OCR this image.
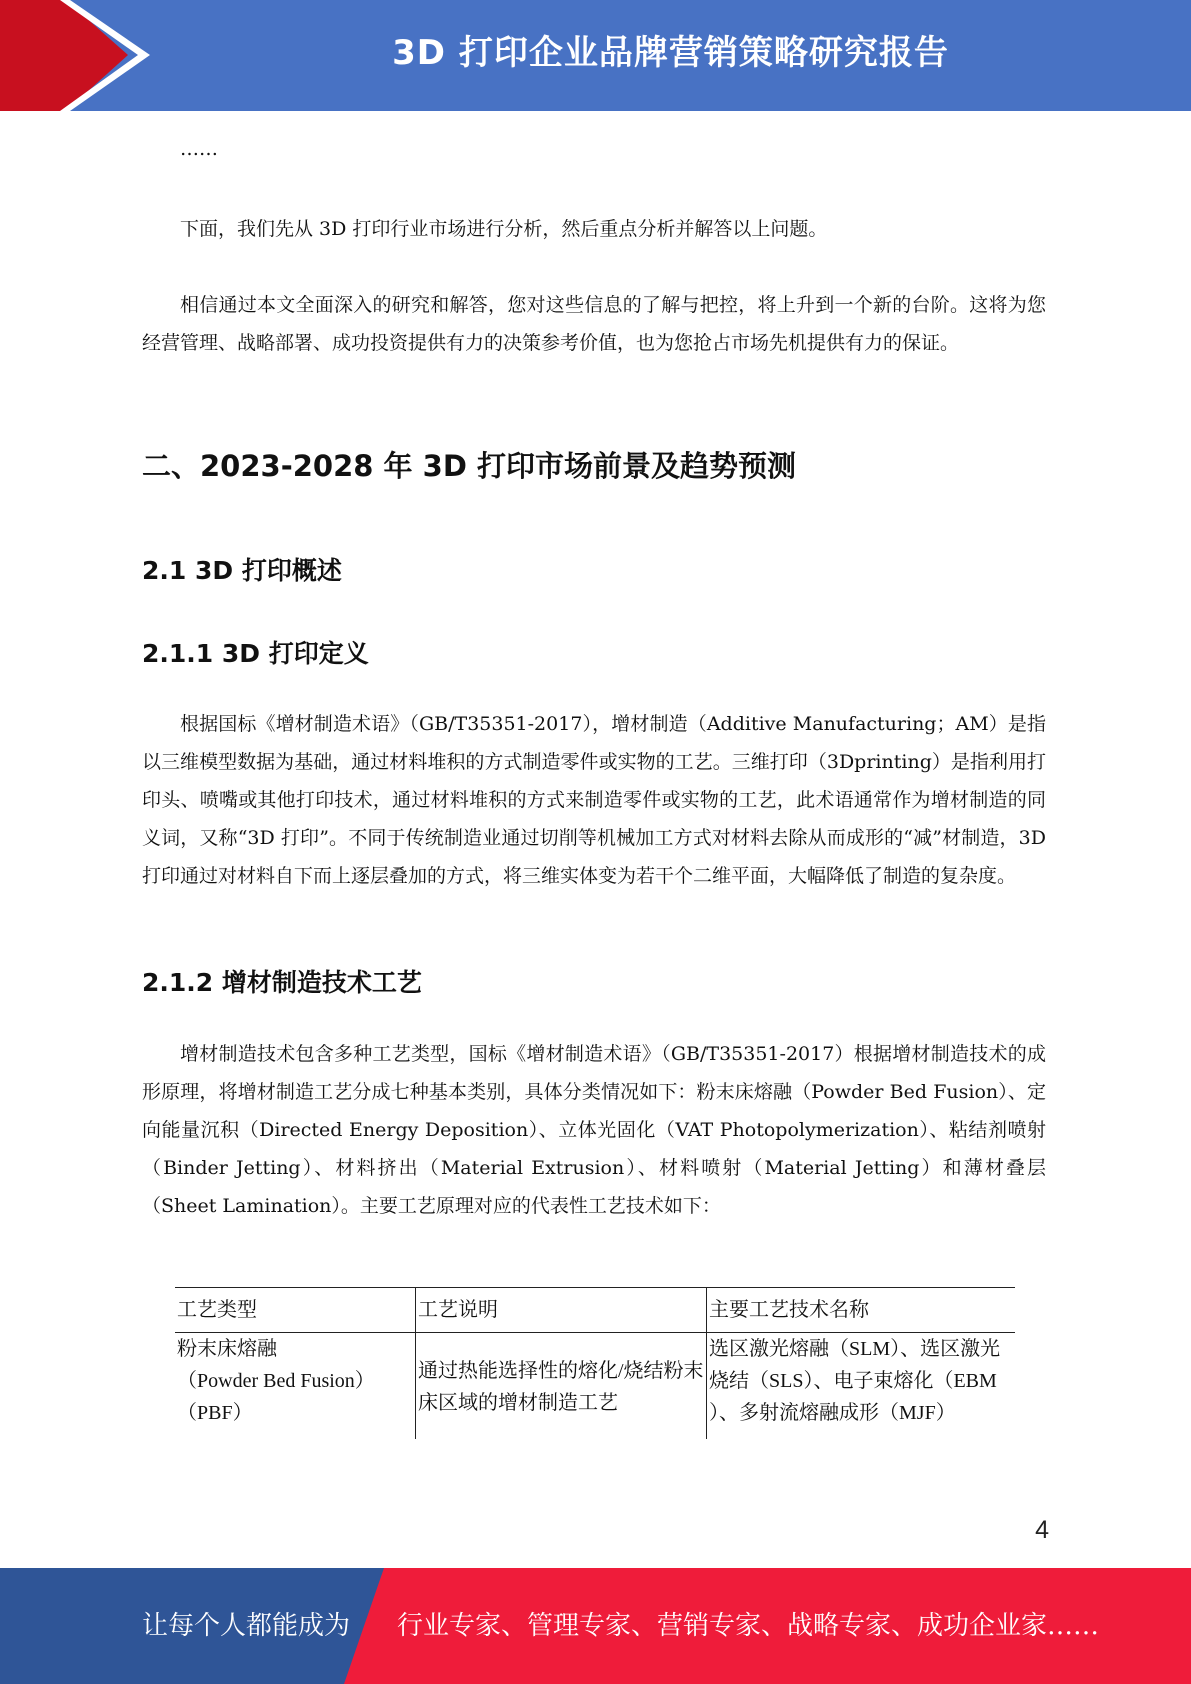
3D 打印企业品牌营销策略研究报告

……

下面，我们先从 3D 打印行业市场进行分析，然后重点分析并解答以上问题。

相信通过本文全面深入的研究和解答，您对这些信息的了解与把控，将上升到一个新的台阶。这将为您经营管理、战略部署、成功投资提供有力的决策参考价值，也为您抢占市场先机提供有力的保证。

二、2023-2028 年 3D 打印市场前景及趋势预测
2.1 3D 打印概述
2.1.1 3D 打印定义

根据国标《增材制造术语》（GB/T35351-2017），增材制造（Additive Manufacturing；AM）是指以三维模型数据为基础，通过材料堆积的方式制造零件或实物的工艺。三维打印（3Dprinting）是指利用打印头、喷嘴或其他打印技术，通过材料堆积的方式来制造零件或实物的工艺，此术语通常作为增材制造的同义词，又称“3D 打印”。不同于传统制造业通过切削等机械加工方式对材料去除从而成形的“减”材制造，3D 打印通过对材料自下而上逐层叠加的方式，将三维实体变为若干个二维平面，大幅降低了制造的复杂度。

2.1.2 增材制造技术工艺

增材制造技术包含多种工艺类型，国标《增材制造术语》（GB/T35351-2017）根据增材制造技术的成形原理，将增材制造工艺分成七种基本类别，具体分类情况如下：粉末床熔融（Powder Bed Fusion）、定向能量沉积（Directed Energy Deposition）、立体光固化（VAT Photopolymerization）、粘结剂喷射（Binder Jetting）、材料挤出（Material Extrusion）、材料喷射（Material Jetting）和薄材叠层（Sheet Lamination）。主要工艺原理对应的代表性工艺技术如下：

工艺类型	工艺说明	主要工艺技术名称

粉末床熔融
（Powder Bed Fusion）
（PBF）	通过热能选择性的熔化/烧结粉末床区域的增材制造工艺	选区激光熔融（SLM）、选区激光烧结（SLS）、电子束熔化（EBM ）、多射流熔融成形（MJF）
4
让每个人都能成为 行业专家、管理专家、营销专家、战略专家、成功企业家……
